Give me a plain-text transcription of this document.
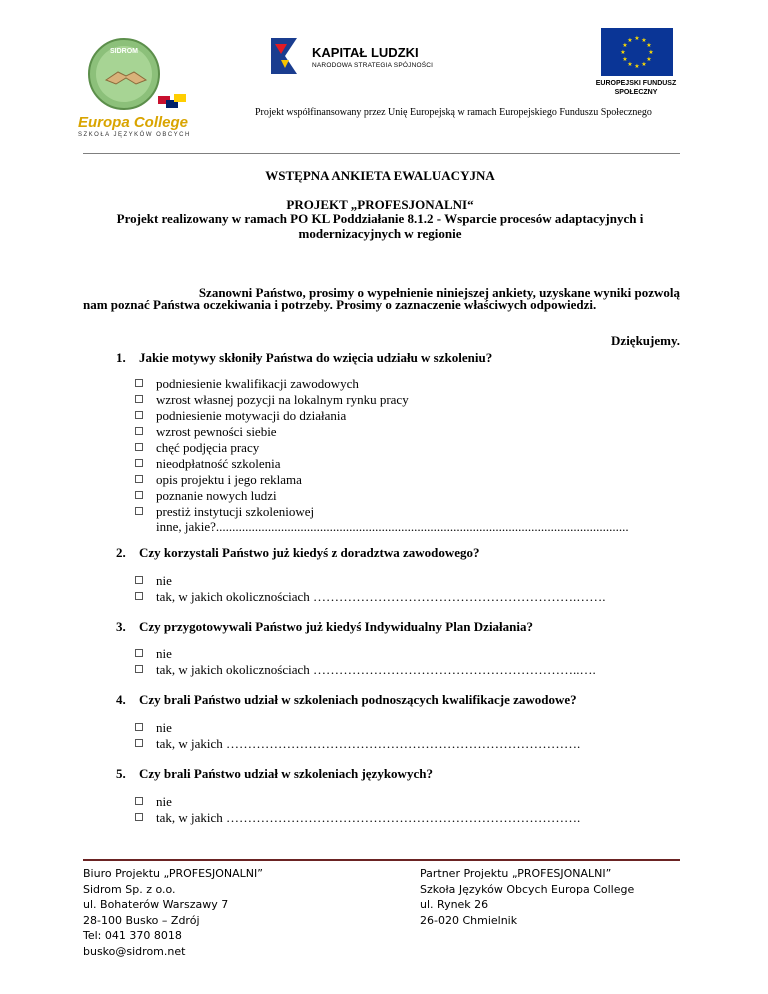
SIDROM
Europa College
SZKOŁA JĘZYKÓW OBCYCH
KAPITAŁ LUDZKI
NARODOWA STRATEGIA SPÓJNOŚCI
★ ★
★
★
★
★
★
★
★
★
★
★
EUROPEJSKI FUNDUSZ
SPOŁECZNY
Projekt współfinansowany przez Unię Europejską w ramach Europejskiego Funduszu Społecznego
WSTĘPNA ANKIETA EWALUACYJNA
PROJEKT „PROFESJONALNI“
Projekt realizowany w ramach PO KL Poddziałanie 8.1.2 - Wsparcie procesów adaptacyjnych i
modernizacyjnych w regionie
Szanowni Państwo, prosimy o wypełnienie niniejszej ankiety, uzyskane wyniki pozwolą
nam poznać Państwa oczekiwania i potrzeby. Prosimy o zaznaczenie właściwych odpowiedzi.
Dziękujemy.
1. Jakie motywy skłoniły Państwa do wzięcia udziału w szkoleniu?
podniesienie kwalifikacji zawodowych
wzrost własnej pozycji na lokalnym rynku pracy
podniesienie motywacji do działania
wzrost pewności siebie
chęć podjęcia pracy
nieodpłatność szkolenia
opis projektu i jego reklama
poznanie nowych ludzi
prestiż instytucji szkoleniowej
inne, jakie?...............................................................................................................................
2. Czy korzystali Państwo już kiedyś z doradztwa zawodowego?
nie
tak, w jakich okolicznościach …………………………………………………….…….
3. Czy przygotowywali Państwo już kiedyś Indywidualny Plan Działania?
nie
tak, w jakich okolicznościach ……………………………………………………..….
4. Czy brali Państwo udział w szkoleniach podnoszących kwalifikacje zawodowe?
nie
tak, w jakich ……………………………………………………………………….
5. Czy brali Państwo udział w szkoleniach językowych?
nie
tak, w jakich ……………………………………………………………………….
Biuro Projektu „PROFESJONALNI”
Sidrom Sp. z o.o.
ul. Bohaterów Warszawy 7
28-100 Busko – Zdrój
Tel: 041 370 8018
busko@sidrom.net
Partner Projektu „PROFESJONALNI”
Szkoła Języków Obcych Europa College
ul. Rynek 26
26-020 Chmielnik
